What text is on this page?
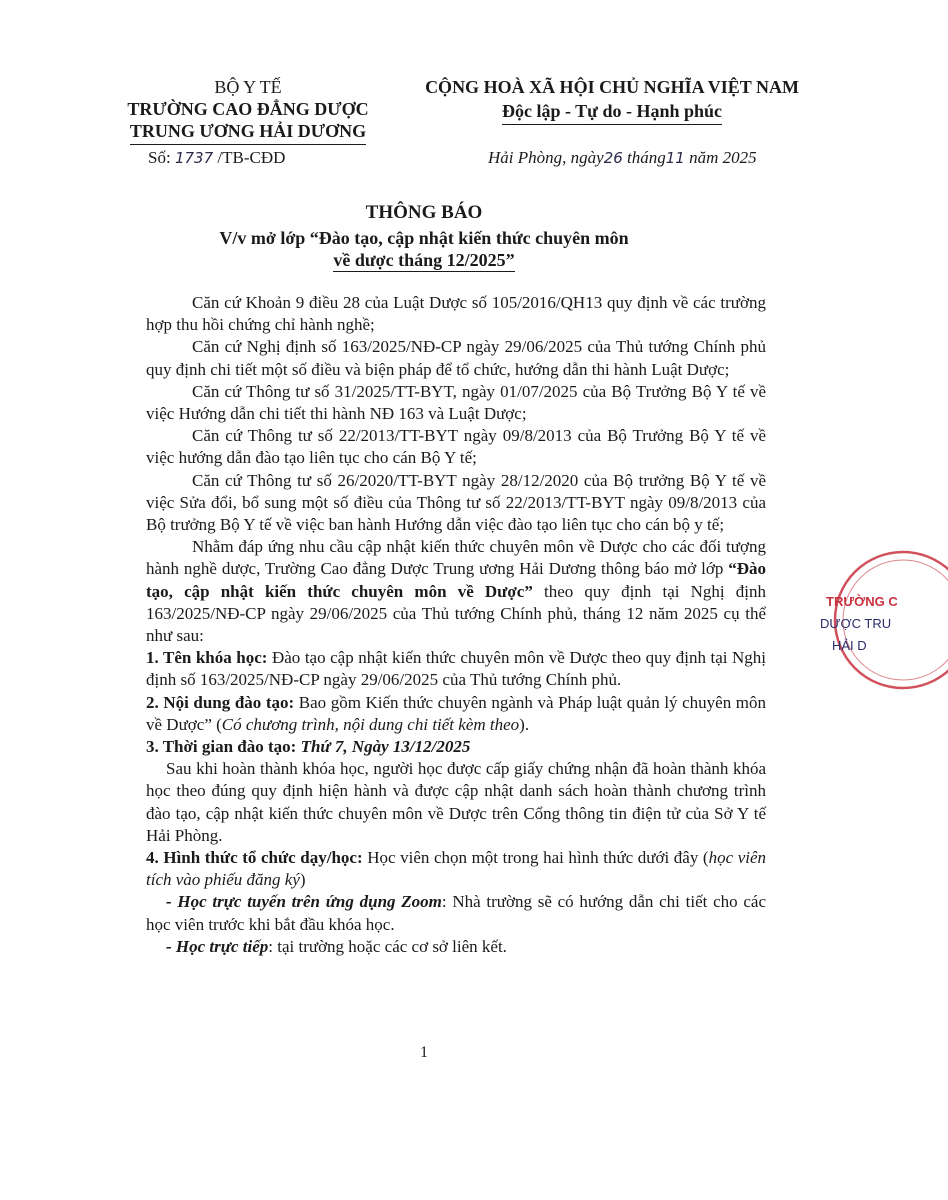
BỘ Y TẾ
TRƯỜNG CAO ĐẲNG DƯỢC
TRUNG ƯƠNG HẢI DƯƠNG
CỘNG HOÀ XÃ HỘI CHỦ NGHĨA VIỆT NAM
Độc lập - Tự do - Hạnh phúc
Số: 1737 /TB-CĐD	Hải Phòng, ngày26 tháng11 năm 2025
THÔNG BÁO
V/v mở lớp “Đào tạo, cập nhật kiến thức chuyên môn
về dược tháng 12/2025”

Căn cứ Khoản 9 điều 28 của Luật Dược số 105/2016/QH13 quy định về các trường hợp thu hồi chứng chỉ hành nghề;

Căn cứ Nghị định số 163/2025/NĐ-CP ngày 29/06/2025 của Thủ tướng Chính phủ quy định chi tiết một số điều và biện pháp để tổ chức, hướng dẫn thi hành Luật Dược;

Căn cứ Thông tư số 31/2025/TT-BYT, ngày 01/07/2025 của Bộ Trưởng Bộ Y tế về việc Hướng dẫn chi tiết thi hành NĐ 163 và Luật Dược;

Căn cứ Thông tư số 22/2013/TT-BYT ngày 09/8/2013 của Bộ Trưởng Bộ Y tế về việc hướng dẫn đào tạo liên tục cho cán Bộ Y tế;

Căn cứ Thông tư số 26/2020/TT-BYT ngày 28/12/2020 của Bộ trưởng Bộ Y tế về việc Sửa đổi, bổ sung một số điều của Thông tư số 22/2013/TT-BYT ngày 09/8/2013 của Bộ trưởng Bộ Y tế về việc ban hành Hướng dẫn việc đào tạo liên tục cho cán bộ y tế;

Nhằm đáp ứng nhu cầu cập nhật kiến thức chuyên môn về Dược cho các đối tượng hành nghề dược, Trường Cao đẳng Dược Trung ương Hải Dương thông báo mở lớp “Đào tạo, cập nhật kiến thức chuyên môn về Dược” theo quy định tại Nghị định 163/2025/NĐ-CP ngày 29/06/2025 của Thủ tướng Chính phủ, tháng 12 năm 2025 cụ thể như sau:

1. Tên khóa học: Đào tạo cập nhật kiến thức chuyên môn về Dược theo quy định tại Nghị định số 163/2025/NĐ-CP ngày 29/06/2025 của Thủ tướng Chính phủ.

2. Nội dung đào tạo: Bao gồm Kiến thức chuyên ngành và Pháp luật quản lý chuyên môn về Dược” (Có chương trình, nội dung chi tiết kèm theo).

3. Thời gian đào tạo: Thứ 7, Ngày 13/12/2025

Sau khi hoàn thành khóa học, người học được cấp giấy chứng nhận đã hoàn thành khóa học theo đúng quy định hiện hành và được cập nhật danh sách hoàn thành chương trình đào tạo, cập nhật kiến thức chuyên môn về Dược trên Cổng thông tin điện tử của Sở Y tế Hải Phòng.

4. Hình thức tổ chức dạy/học: Học viên chọn một trong hai hình thức dưới đây (học viên tích vào phiếu đăng ký)

- Học trực tuyến trên ứng dụng Zoom: Nhà trường sẽ có hướng dẫn chi tiết cho các học viên trước khi bắt đầu khóa học.

- Học trực tiếp: tại trường hoặc các cơ sở liên kết.

TRƯỜNG C
DƯỢC TRU
HẢI D
1
